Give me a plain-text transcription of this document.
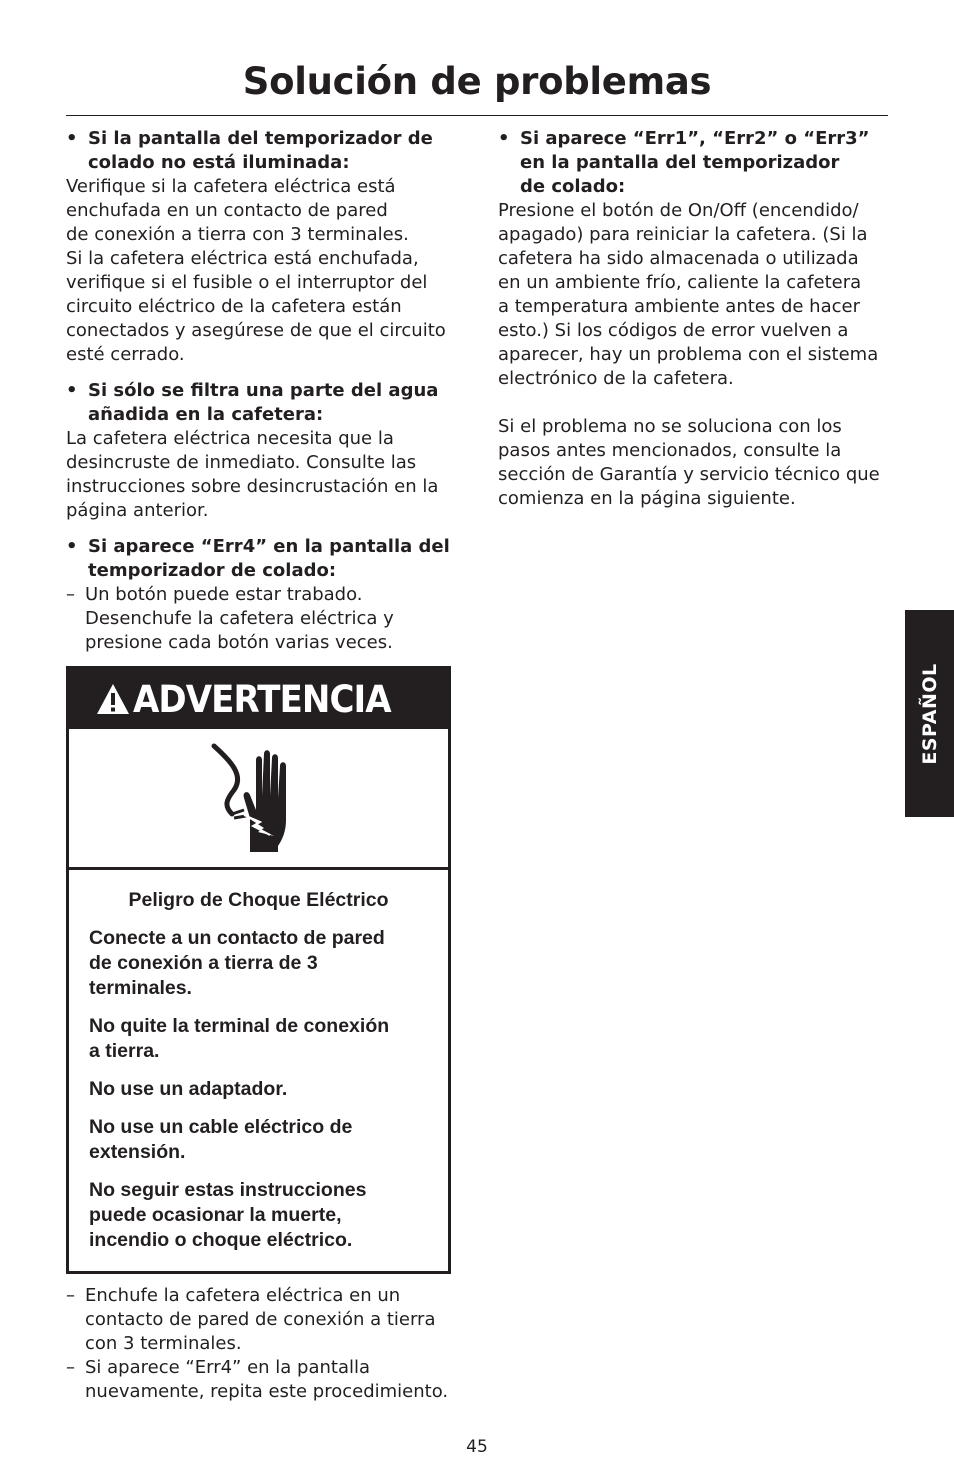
Solución de problemas
• Si la pantalla del temporizador de
colado no está iluminada:
Verifique si la cafetera eléctrica está
enchufada en un contacto de pared
de conexión a tierra con 3 terminales.
Si la cafetera eléctrica está enchufada,
verifique si el fusible o el interruptor del
circuito eléctrico de la cafetera están
conectados y asegúrese de que el circuito
esté cerrado.
• Si sólo se filtra una parte del agua
añadida en la cafetera:
La cafetera eléctrica necesita que la
desincruste de inmediato. Consulte las
instrucciones sobre desincrustación en la
página anterior.
• Si aparece “Err4” en la pantalla del
temporizador de colado:
– Un botón puede estar trabado.
Desenchufe la cafetera eléctrica y
presione cada botón varias veces.
ADVERTENCIA
Peligro de Choque Eléctrico
Conecte a un contacto de pared
de conexión a tierra de 3
terminales.
No quite la terminal de conexión
a tierra.
No use un adaptador.
No use un cable eléctrico de
extensión.
No seguir estas instrucciones
puede ocasionar la muerte,
incendio o choque eléctrico.
– Enchufe la cafetera eléctrica en un
contacto de pared de conexión a tierra
con 3 terminales.
– Si aparece “Err4” en la pantalla
nuevamente, repita este procedimiento.
• Si aparece “Err1”, “Err2” o “Err3”
en la pantalla del temporizador
de colado:
Presione el botón de On/Off (encendido/
apagado) para reiniciar la cafetera. (Si la
cafetera ha sido almacenada o utilizada
en un ambiente frío, caliente la cafetera
a temperatura ambiente antes de hacer
esto.) Si los códigos de error vuelven a
aparecer, hay un problema con el sistema
electrónico de la cafetera.
Si el problema no se soluciona con los
pasos antes mencionados, consulte la
sección de Garantía y servicio técnico que
comienza en la página siguiente.
ESPAÑOL
45
